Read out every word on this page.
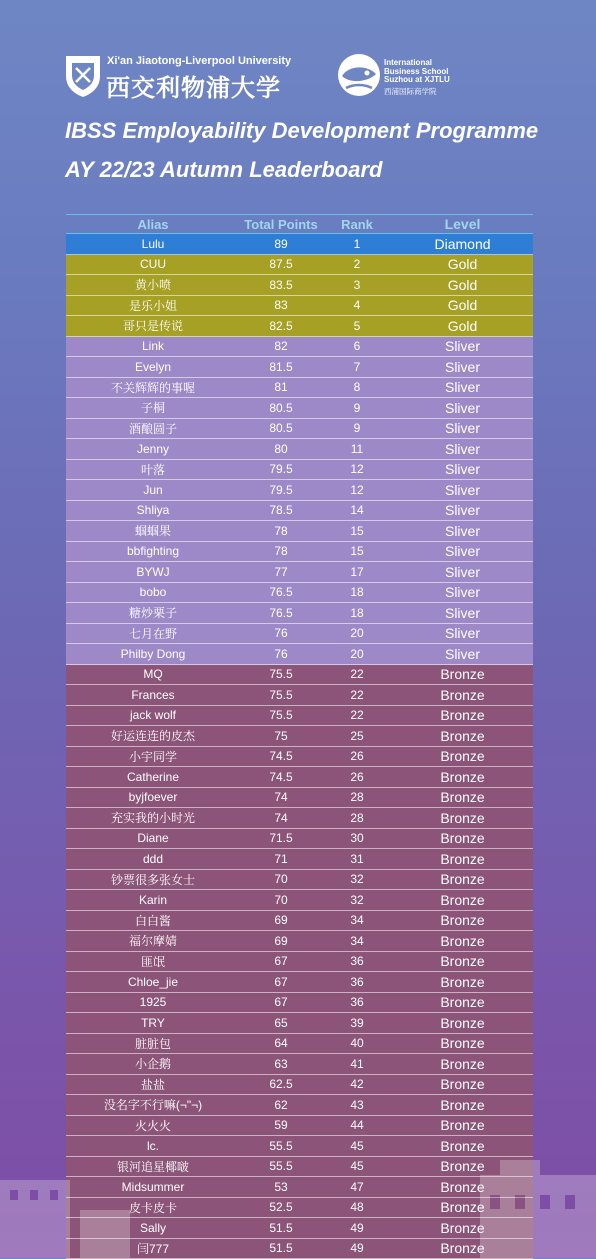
Xi'an Jiaotong-Liverpool University
西交利物浦大学
International
Business School
Suzhou at XJTLU
西浦国际商学院
IBSS Employability Development Programme
AY 22/23 Autumn Leaderboard
Alias	Total Points	Rank	Level
Lulu	89	1	Diamond
CUU	87.5	2	Gold
黄小喷	83.5	3	Gold
是乐小姐	83	4	Gold
哥只是传说	82.5	5	Gold
Link	82	6	Sliver
Evelyn	81.5	7	Sliver
不关辉辉的事喔	81	8	Sliver
子桐	80.5	9	Sliver
酒酿圆子	80.5	9	Sliver
Jenny	80	11	Sliver
叶落	79.5	12	Sliver
Jun	79.5	12	Sliver
Shliya	78.5	14	Sliver
蝈蝈果	78	15	Sliver
bbfighting	78	15	Sliver
BYWJ	77	17	Sliver
bobo	76.5	18	Sliver
糖炒栗子	76.5	18	Sliver
七月在野	76	20	Sliver
Philby Dong	76	20	Sliver
MQ	75.5	22	Bronze
Frances	75.5	22	Bronze
jack wolf	75.5	22	Bronze
好运连连的皮杰	75	25	Bronze
小宇同学	74.5	26	Bronze
Catherine	74.5	26	Bronze
byjfoever	74	28	Bronze
充实我的小时光	74	28	Bronze
Diane	71.5	30	Bronze
ddd	71	31	Bronze
钞票很多张女士	70	32	Bronze
Karin	70	32	Bronze
白白酱	69	34	Bronze
福尔摩婧	69	34	Bronze
匪氓	67	36	Bronze
Chloe_jie	67	36	Bronze
1925	67	36	Bronze
TRY	65	39	Bronze
脏脏包	64	40	Bronze
小企鹅	63	41	Bronze
盐盐	62.5	42	Bronze
没名字不行嘛(¬"¬)	62	43	Bronze
火火火	59	44	Bronze
lc.	55.5	45	Bronze
银河追星椰啵	55.5	45	Bronze
Midsummer	53	47	Bronze
皮卡皮卡	52.5	48	Bronze
Sally	51.5	49	Bronze
闫777	51.5	49	Bronze
